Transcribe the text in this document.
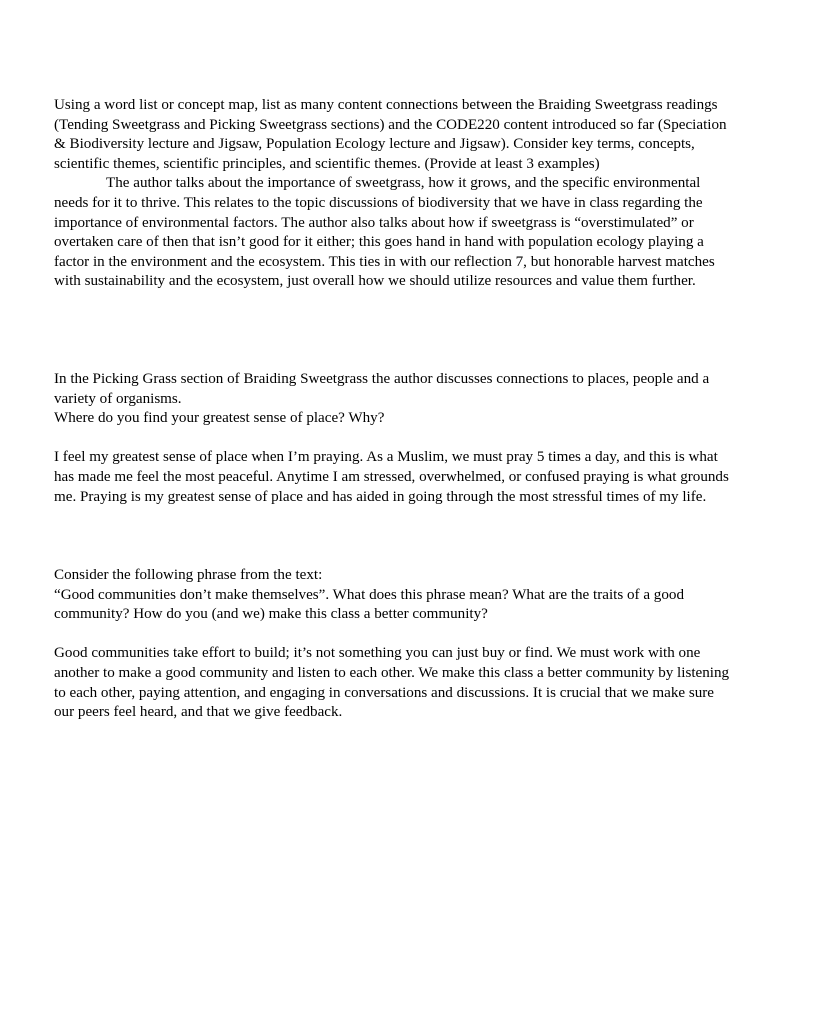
Using a word list or concept map, list as many content connections between the Braiding Sweetgrass readings (Tending Sweetgrass and Picking Sweetgrass sections) and the CODE220 content introduced so far (Speciation & Biodiversity lecture and Jigsaw, Population Ecology lecture and Jigsaw). Consider key terms, concepts, scientific themes, scientific principles, and scientific themes. (Provide at least 3 examples)

The author talks about the importance of sweetgrass, how it grows, and the specific environmental needs for it to thrive. This relates to the topic discussions of biodiversity that we have in class regarding the importance of environmental factors. The author also talks about how if sweetgrass is “overstimulated” or overtaken care of then that isn’t good for it either; this goes hand in hand with population ecology playing a factor in the environment and the ecosystem. This ties in with our reflection 7, but honorable harvest matches with sustainability and the ecosystem, just overall how we should utilize resources and value them further.

In the Picking Grass section of Braiding Sweetgrass the author discusses connections to places, people and a variety of organisms.

Where do you find your greatest sense of place? Why?

I feel my greatest sense of place when I’m praying. As a Muslim, we must pray 5 times a day, and this is what has made me feel the most peaceful. Anytime I am stressed, overwhelmed, or confused praying is what grounds me. Praying is my greatest sense of place and has aided in going through the most stressful times of my life.

Consider the following phrase from the text:

“Good communities don’t make themselves”. What does this phrase mean? What are the traits of a good community? How do you (and we) make this class a better community?

Good communities take effort to build; it’s not something you can just buy or find. We must work with one another to make a good community and listen to each other. We make this class a better community by listening to each other, paying attention, and engaging in conversations and discussions. It is crucial that we make sure our peers feel heard, and that we give feedback.
